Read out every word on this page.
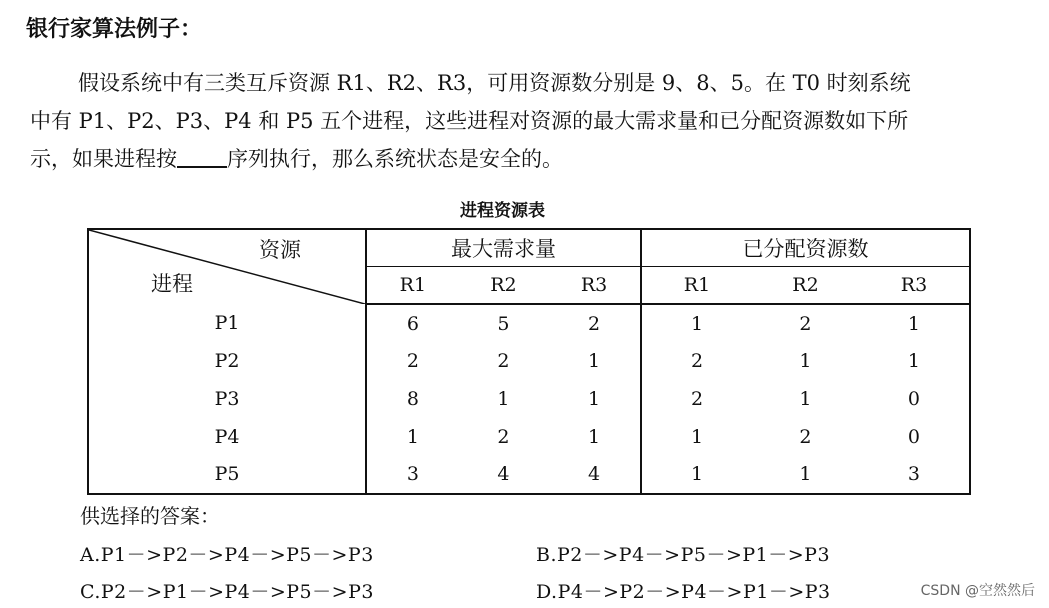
银行家算法例子：
假设系统中有三类互斥资源 R1、R2、R3，可用资源数分别是 9、8、5。在 T0 时刻系统
中有 P1、P2、P3、P4 和 P5 五个进程，这些进程对资源的最大需求量和已分配资源数如下所
示，如果进程按 序列执行，那么系统状态是安全的。
进程资源表
资源
进程	最大需求量			已分配资源数		
	R1	R2	R3	R1	R2	R3
P1	6	5	2	1	2	1
P2	2	2	1	2	1	1
P3	8	1	1	2	1	0
P4	1	2	1	1	2	0
P5	3	4	4	1	1	3
供选择的答案：
A.P1－>P2－>P4－>P5－>P3	B.P2－>P4－>P5－>P1－>P3
C.P2－>P1－>P4－>P5－>P3	D.P4－>P2－>P4－>P1－>P3	CSDN @空然然后
